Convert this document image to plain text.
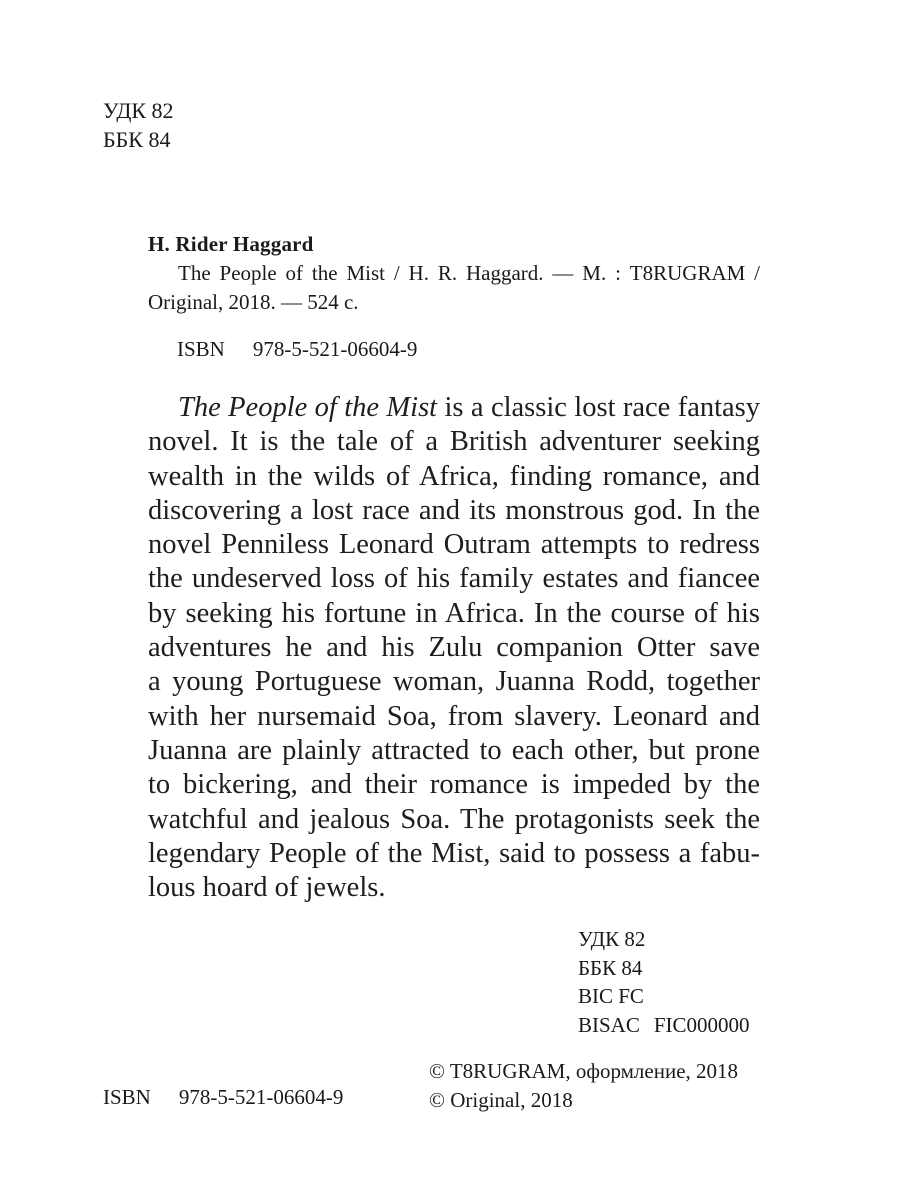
УДК 82
ББК 84
H. Rider Haggard
The People of the Mist / H. R. Haggard. — М. : T8RUGRAM /
Original, 2018. — 524 с.
ISBN 978-5-521-06604-9
The People of the Mist is a classic lost race fantasy
novel. It is the tale of a British adventurer seeking
wealth in the wilds of Africa, finding romance, and
discovering a lost race and its monstrous god. In the
novel Penniless Leonard Outram attempts to redress
the undeserved loss of his family estates and fiancee
by seeking his fortune in Africa. In the course of his
adventures he and his Zulu companion Otter save
a young Portuguese woman, Juanna Rodd, together
with her nursemaid Soa, from slavery. Leonard and
Juanna are plainly attracted to each other, but prone
to bickering, and their romance is impeded by the
watchful and jealous Soa. The protagonists seek the
legendary People of the Mist, said to possess a fabu-
lous hoard of jewels.
УДК 82
ББК 84
BIC FC
BISAC FIC000000
© T8RUGRAM, оформление, 2018
© Original, 2018
ISBN 978-5-521-06604-9
